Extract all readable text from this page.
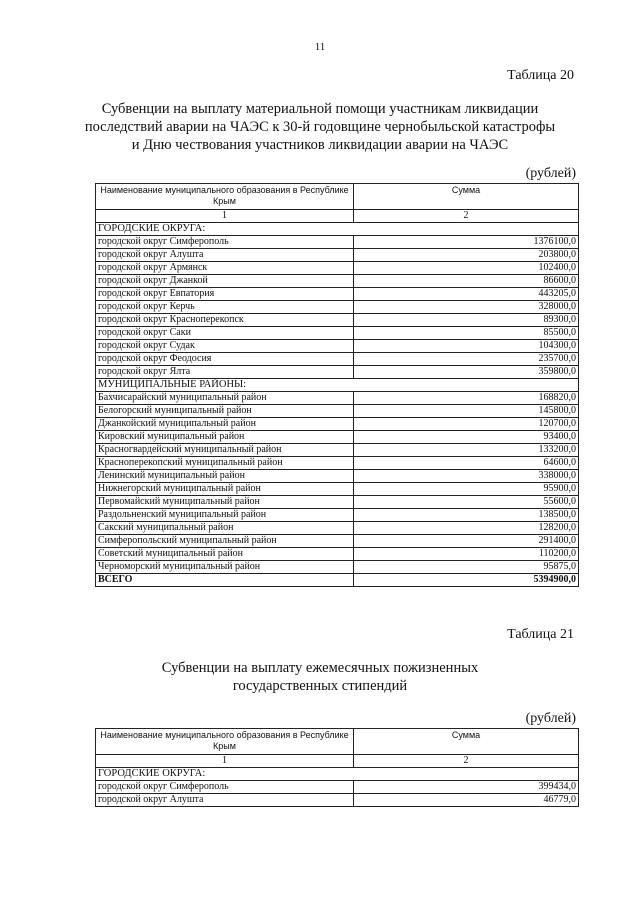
11
Таблица 20
Субвенции на выплату материальной помощи участникам ликвидации
последствий аварии на ЧАЭС к 30-й годовщине чернобыльской катастрофы
и Дню чествования участников ликвидации аварии на ЧАЭС
(рублей)
Наименование муниципального образования в Республике Крым	Сумма
1	2
ГОРОДСКИЕ ОКРУГА:	
городской округ Симферополь	1376100,0
городской округ Алушта	203800,0
городской округ Армянск	102400,0
городской округ Джанкой	86600,0
городской округ Евпатория	443205,0
городской округ Керчь	328000,0
городской округ Красноперекопск	89300,0
городской округ Саки	85500,0
городской округ Судак	104300,0
городской округ Феодосия	235700,0
городской округ Ялта	359800,0
МУНИЦИПАЛЬНЫЕ РАЙОНЫ:	
Бахчисарайский муниципальный район	168820,0
Белогорский муниципальный район	145800,0
Джанкойский муниципальный район	120700,0
Кировский муниципальный район	93400,0
Красногвардейский муниципальный район	133200,0
Красноперекопский муниципальный район	64600,0
Ленинский муниципальный район	338000,0
Нижнегорский муниципальный район	95900,0
Первомайский муниципальный район	55600,0
Раздольненский муниципальный район	138500,0
Сакский муниципальный район	128200,0
Симферопольский муниципальный район	291400,0
Советский муниципальный район	110200,0
Черноморский муниципальный район	95875,0
ВСЕГО	5394900,0
Таблица 21
Субвенции на выплату ежемесячных пожизненных
государственных стипендий
(рублей)
Наименование муниципального образования в Республике Крым	Сумма
1	2
ГОРОДСКИЕ ОКРУГА:	
городской округ Симферополь	399434,0
городской округ Алушта	46779,0
